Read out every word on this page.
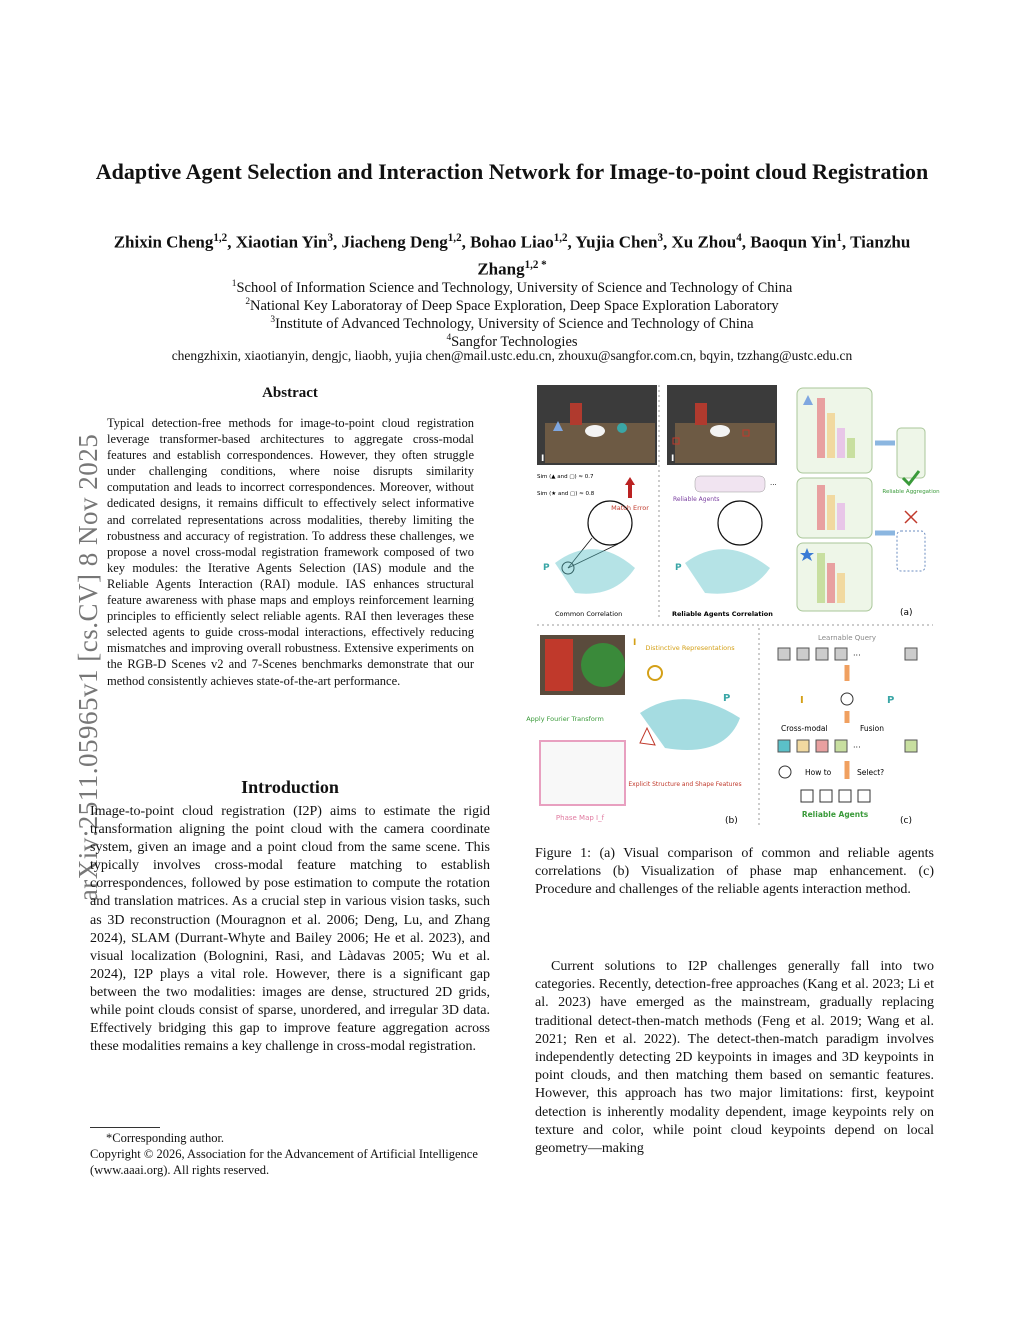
Adaptive Agent Selection and Interaction Network for Image-to-point cloud Registration
Zhixin Cheng$^{1,2}$, Xiaotian Yin$^3$, Jiacheng Deng$^{1,2}$, Bohao Liao$^{1,2}$, Yujia Chen$^3$, Xu Zhou$^4$, Baoqun Yin$^1$, Tianzhu Zhang$^{1,2 *}$
$^1$School of Information Science and Technology, University of Science and Technology of China
$^2$National Key Laboratoray of Deep Space Exploration, Deep Space Exploration Laboratory
$^3$Institute of Advanced Technology, University of Science and Technology of China
$^4$Sangfor Technologies
chengzhixin, xiaotianyin, dengjc, liaobh, yujia chen@mail.ustc.edu.cn, zhouxu@sangfor.com.cn, bqyin, tzzhang@ustc.edu.cn
arXiv:2511.05965v1 [cs.CV] 8 Nov 2025
Abstract
Typical detection-free methods for image-to-point cloud registration leverage transformer-based architectures to aggregate cross-modal features and establish correspondences. However, they often struggle under challenging conditions, where noise disrupts similarity computation and leads to incorrect correspondences. Moreover, without dedicated designs, it remains difficult to effectively select informative and correlated representations across modalities, thereby limiting the robustness and accuracy of registration. To address these challenges, we propose a novel cross-modal registration framework composed of two key modules: the Iterative Agents Selection (IAS) module and the Reliable Agents Interaction (RAI) module. IAS enhances structural feature awareness with phase maps and employs reinforcement learning principles to efficiently select reliable agents. RAI then leverages these selected agents to guide cross-modal interactions, effectively reducing mismatches and improving overall robustness. Extensive experiments on the RGB-D Scenes v2 and 7-Scenes benchmarks demonstrate that our method consistently achieves state-of-the-art performance.
Introduction
Image-to-point cloud registration (I2P) aims to estimate the rigid transformation aligning the point cloud with the camera coordinate system, given an image and a point cloud from the same scene. This typically involves cross-modal feature matching to establish correspondences, followed by pose estimation to compute the rotation and translation matrices. As a crucial step in various vision tasks, such as 3D reconstruction (Mouragnon et al. 2006; Deng, Lu, and Zhang 2024), SLAM (Durrant-Whyte and Bailey 2006; He et al. 2023), and visual localization (Bolognini, Rasi, and Làdavas 2005; Wu et al. 2024), I2P plays a vital role. However, there is a significant gap between the two modalities: images are dense, structured 2D grids, while point clouds consist of sparse, unordered, and irregular 3D data. Effectively bridging this gap to improve feature aggregation across these modalities remains a key challenge in cross-modal registration.
*Corresponding author.
Copyright © 2026, Association for the Advancement of Artificial Intelligence (www.aaai.org). All rights reserved.
I
Sim (▲ and ▢) ≈ 0.7
Sim (★ and ▢) ≈ 0.8
Match Error
P
Common Correlation
I
···
Reliable Agents
P
Reliable Agents Correlation
Reliable Aggregation
(a)
I Distinctive Representations
P
Apply Fourier Transform
Phase Map I_f
Explicit Structure and Shape Features
(b)
Learnable Query
···
I	P
Cross-modal	Fusion
···
How to	Select?
Reliable Agents
(c)
Figure 1: (a) Visual comparison of common and reliable agents correlations (b) Visualization of phase map enhancement. (c) Procedure and challenges of the reliable agents interaction method.
Current solutions to I2P challenges generally fall into two categories. Recently, detection-free approaches (Kang et al. 2023; Li et al. 2023) have emerged as the mainstream, gradually replacing traditional detect-then-match methods (Feng et al. 2019; Wang et al. 2021; Ren et al. 2022). The detect-then-match paradigm involves independently detecting 2D keypoints in images and 3D keypoints in point clouds, and then matching them based on semantic features. However, this approach has two major limitations: first, keypoint detection is inherently modality dependent, image keypoints rely on texture and color, while point cloud keypoints depend on local geometry—making
